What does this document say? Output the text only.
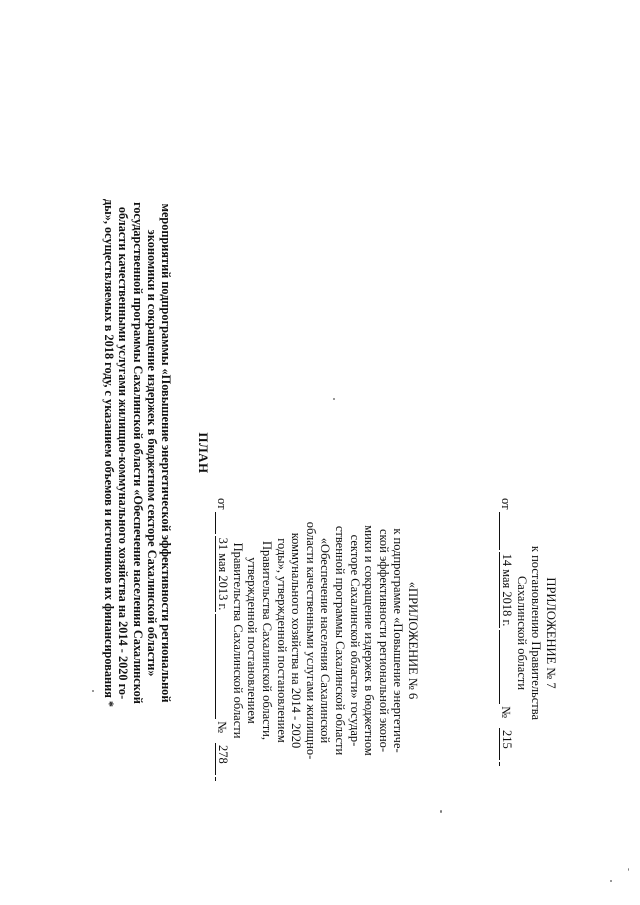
ПРИЛОЖЕНИЕ № 7
к постановлению Правительства
Сахалинской области
от
14 мая 2018 г.
№
215
«ПРИЛОЖЕНИЕ № 6
к подпрограмме «Повышение энергетиче-
ской эффективности региональной эконо-
мики и сокращение издержек в бюджетном
секторе Сахалинской области» государ-
ственной программы Сахалинской области
«Обеспечение населения Сахалинской
области качественными услугами жилищно-
коммунального хозяйства на 2014 - 2020
годы», утвержденной постановлением
Правительства Сахалинской области,
утвержденной постановлением
Правительства Сахалинской области
от
31 мая 2013 г.
№
278
ПЛАН
мероприятий подпрограммы «Повышение энергетической эффективности региональной
экономики и сокращение издержек в бюджетном секторе Сахалинской области»
государственной программы Сахалинской области «Обеспечение населения Сахалинской
области качественными услугами жилищно-коммунального хозяйства на 2014 - 2020 го-
ды», осуществляемых в 2018 году, с указанием объемов и источников их финансирования *
